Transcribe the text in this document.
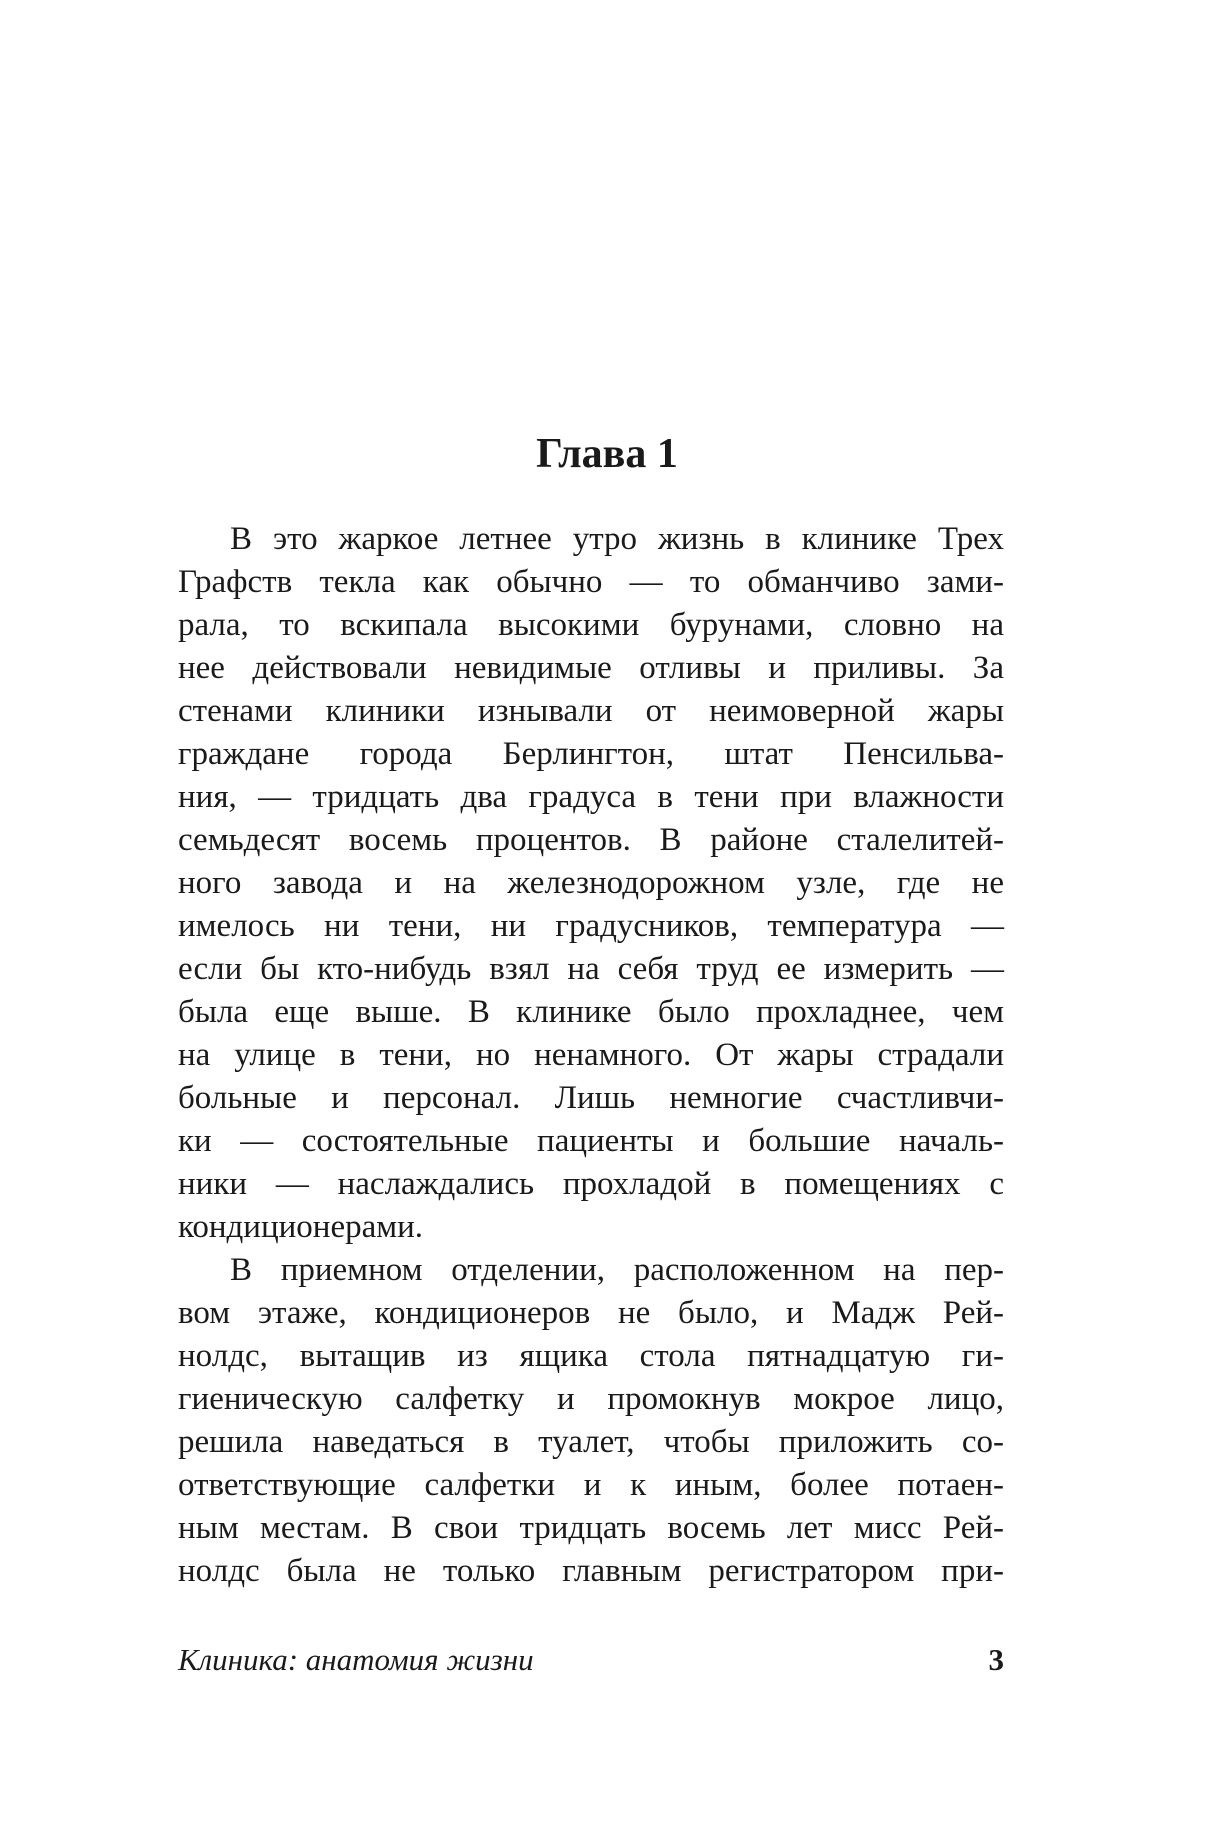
Глава 1
В это жаркое летнее утро жизнь в клинике Трех
Графств текла как обычно — то обманчиво зами-
рала, то вскипала высокими бурунами, словно на
нее действовали невидимые отливы и приливы. За
стенами клиники изнывали от неимоверной жары
граждане города Берлингтон, штат Пенсильва-
ния, — тридцать два градуса в тени при влажности
семьдесят восемь процентов. В районе сталелитей-
ного завода и на железнодорожном узле, где не
имелось ни тени, ни градусников, температура —
если бы кто-нибудь взял на себя труд ее измерить —
была еще выше. В клинике было прохладнее, чем
на улице в тени, но ненамного. От жары страдали
больные и персонал. Лишь немногие счастливчи-
ки — состоятельные пациенты и большие началь-
ники — наслаждались прохладой в помещениях с
кондиционерами.
В приемном отделении, расположенном на пер-
вом этаже, кондиционеров не было, и Мадж Рей-
нолдс, вытащив из ящика стола пятнадцатую ги-
гиеническую салфетку и промокнув мокрое лицо,
решила наведаться в туалет, чтобы приложить со-
ответствующие салфетки и к иным, более потаен-
ным местам. В свои тридцать восемь лет мисс Рей-
нолдс была не только главным регистратором при-
Клиника: анатомия жизни	3
